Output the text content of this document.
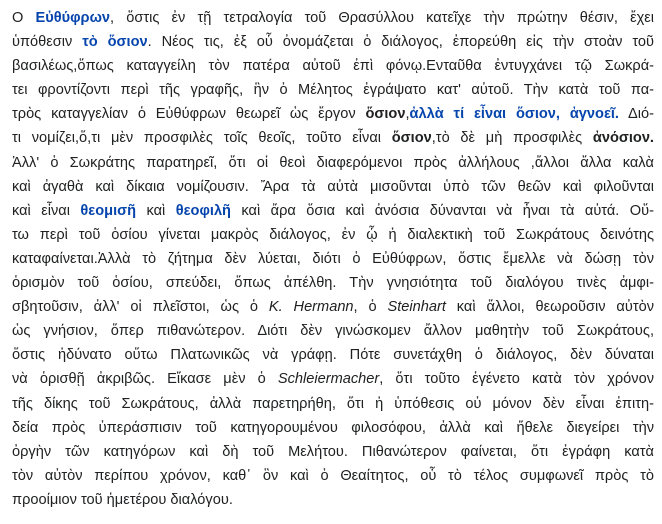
Ο Εὐθύφρων, ὅστις ἐν τῇ τετραλογία τοῦ Θρασύλλου κατεῖχε τὴν πρώτην θέσιν, ἔχει
ὑπόθεσιν τὸ ὅσιον. Νέος τις, ἐξ οὗ ὀνομάζεται ὁ διάλογος, ἐπορεύθη εἰς τὴν στοὰν τοῦ
βασιλέως,ὅπως καταγγείλη τὸν πατέρα αὐτοῦ ἐπὶ φόνῳ.Ενταῦθα ἐντυγχάνει τῷ Σωκρά-
τει φροντίζοντι περὶ τῆς γραφῆς, ἣν ὁ Μέλητος ἐγράψατο κατ' αὐτοῦ. Τὴν κατὰ τοῦ πα-
τρὸς καταγγελίαν ὁ Εὐθύφρων θεωρεῖ ὡς ἔργον ὅσιον,ἀλλὰ τί εἶναι ὅσιον, ἀγνοεῖ. Διό-
τι νομίζει,ὅ,τι μὲν προσφιλὲς τοῖς θεοῖς, τοῦτο εἶναι ὅσιον,τὸ δὲ μὴ προσφιλὲς ἀνόσιον.
Ἀλλ' ὁ Σωκράτης παρατηρεῖ, ὅτι οἱ θεοὶ διαφερόμενοι πρὸς ἀλλήλους ,ἄλλοι ἄλλα καλὰ
καὶ ἀγαθὰ καὶ δίκαια νομίζουσιν. Ἄρα τὰ αὐτὰ μισοῦνται ὑπὸ τῶν θεῶν καὶ φιλοῦνται
καὶ εἶναι θεομισῆ καὶ θεοφιλῆ καὶ ἄρα ὅσια καὶ ἀνόσια δύνανται νὰ ἦναι τὰ αὐτά. Οὕ-
τω περὶ τοῦ ὁσίου γίνεται μακρὸς διάλογος, ἐν ᾧ ἡ διαλεκτικὴ τοῦ Σωκράτους δεινότης
καταφαίνεται.Ἀλλὰ τὸ ζήτημα δὲν λύεται, διότι ὁ Εὐθύφρων, ὅστις ἔμελλε νὰ δώσῃ τὸν
ὁρισμὸν τοῦ ὁσίου, σπεύδει, ὅπως ἀπέλθη. Τὴν γνησιότητα τοῦ διαλόγου τινὲς ἀμφι-
σβητοῦσιν, ἀλλ' οἱ πλεῖστοι, ὡς ὁ K. Hermann, ὁ Steinhart καὶ ἄλλοι, θεωροῦσιν αὐτὸν
ὡς γνήσιον, ὅπερ πιθανώτερον. Διότι δὲν γινώσκομεν ἄλλον μαθητὴν τοῦ Σωκράτους,
ὅστις ἠδύνατο οὕτω Πλατωνικῶς νὰ γράφῃ. Πότε συνετάχθη ὁ διάλογος, δὲν δύναται
νὰ ὁρισθῇ ἀκριβῶς. Εἴκασε μὲν ὁ Schleiermacher, ὅτι τοῦτο ἐγένετο κατὰ τὸν χρόνον
τῆς δίκης τοῦ Σωκράτους, ἀλλὰ παρετηρήθη, ὅτι ἡ ὑπόθεσις οὐ μόνον δὲν εἶναι ἐπιτη-
δεία πρὸς ὑπεράσπισιν τοῦ κατηγορουμένου φιλοσόφου, ἀλλὰ καὶ ἤθελε διεγείρει τὴν
ὀργὴν τῶν κατηγόρων καὶ δὴ τοῦ Μελήτου. Πιθανώτερον φαίνεται, ὅτι ἐγράφη κατὰ
τὸν αὐτὸν περίπου χρόνον, καθ᾽ ὃν καὶ ὁ Θεαίτητος, οὗ τὸ τέλος συμφωνεῖ πρὸς τὸ
προοίμιον τοῦ ἡμετέρου διαλόγου.
